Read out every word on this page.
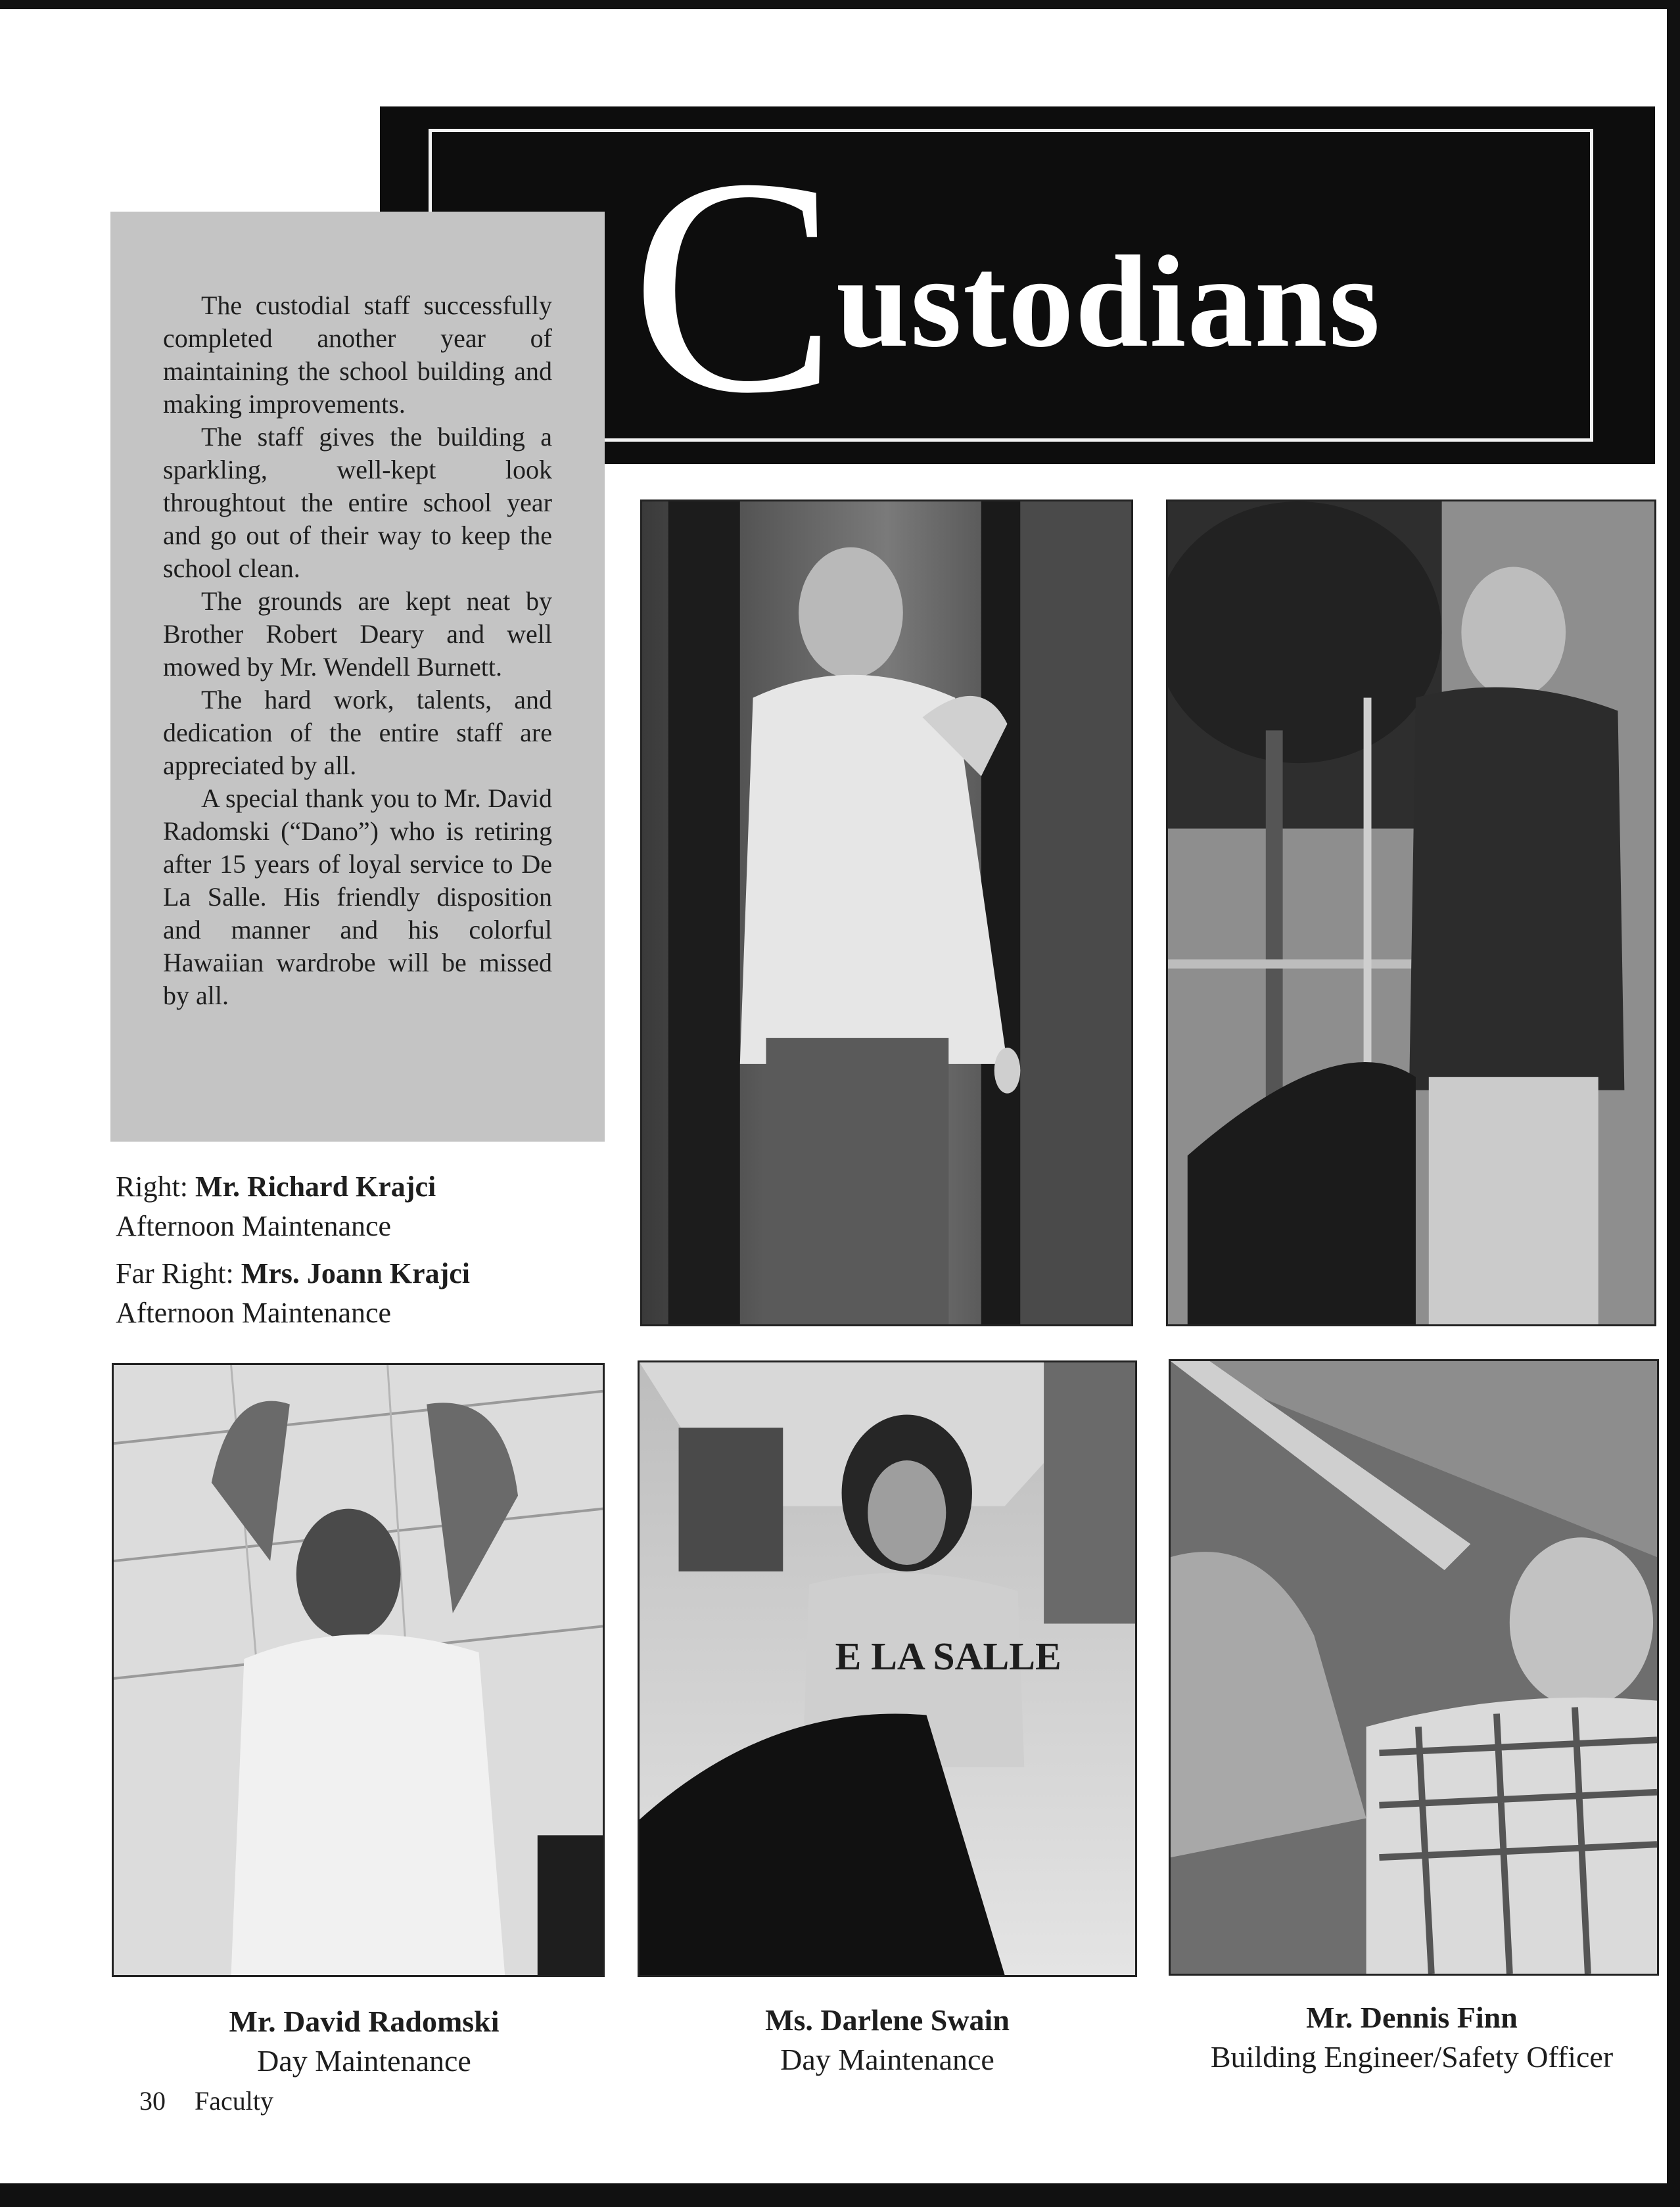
C
ustodians

The custodial staff successfully completed another year of maintaining the school building and making improvements.

The staff gives the building a sparkling, well-kept look throughtout the entire school year and go out of their way to keep the school clean.

The grounds are kept neat by Brother Robert Deary and well mowed by Mr. Wendell Burnett.

The hard work, talents, and dedication of the entire staff are appreciated by all.

A special thank you to Mr. David Radomski (“Dano”) who is retiring after 15 years of loyal service to De La Salle. His friendly disposition and manner and his colorful Hawaiian wardrobe will be missed by all.

Right: Mr. Richard Krajci
Afternoon Maintenance
Far Right: Mrs. Joann Krajci
Afternoon Maintenance
E LA SALLE
Mr. David Radomski
Day Maintenance
Ms. Darlene Swain
Day Maintenance
Mr. Dennis Finn
Building Engineer/Safety Officer
30 Faculty
